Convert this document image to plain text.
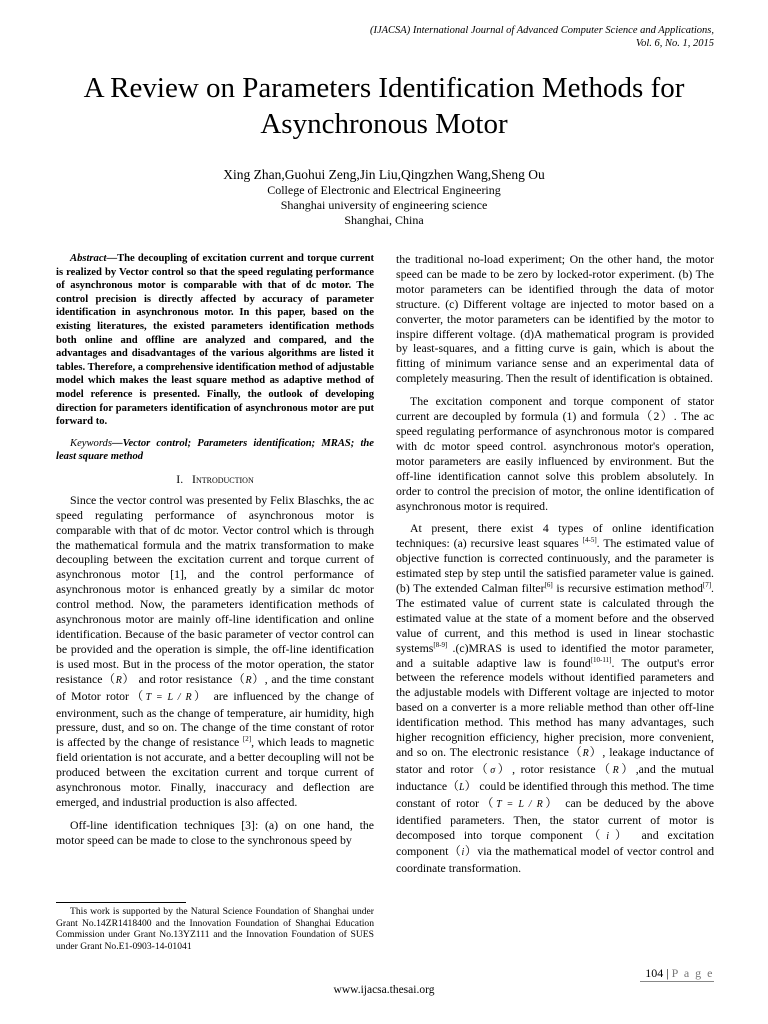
(IJACSA) International Journal of Advanced Computer Science and Applications,
Vol. 6, No. 1, 2015
A Review on Parameters Identification Methods for
Asynchronous Motor
Xing Zhan,Guohui Zeng,Jin Liu,Qingzhen Wang,Sheng Ou
College of Electronic and Electrical Engineering
Shanghai university of engineering science
Shanghai, China

Abstract—The decoupling of excitation current and torque current is realized by Vector control so that the speed regulating performance of asynchronous motor is comparable with that of dc motor. The control precision is directly affected by accuracy of parameter identification in asynchronous motor. In this paper, based on the existing literatures, the existed parameters identification methods both online and offline are analyzed and compared, and the advantages and disadvantages of the various algorithms are listed it tables. Therefore, a comprehensive identification method of adjustable model which makes the least square method as adaptive method of model reference is presented. Finally, the outlook of developing direction for parameters identification of asynchronous motor are put forward to.

Keywords—Vector control; Parameters identification; MRAS; the least square method

I. Introduction

Since the vector control was presented by Felix Blaschks, the ac speed regulating performance of asynchronous motor is comparable with that of dc motor. Vector control which is through the mathematical formula and the matrix transformation to make decoupling between the excitation current and torque current of asynchronous motor [1], and the control performance of asynchronous motor is enhanced greatly by a similar dc motor control method. Now, the parameters identification methods of asynchronous motor are mainly off-line identification and online identification. Because of the basic parameter of vector control can be provided and the operation is simple, the off-line identification is used most. But in the process of the motor operation, the stator resistance（R） and rotor resistance（R）, and the time constant of Motor rotor（T = L / R） are influenced by the change of environment, such as the change of temperature, air humidity, high pressure, dust, and so on. The change of the time constant of rotor is affected by the change of resistance [2], which leads to magnetic field orientation is not accurate, and a better decoupling will not be produced between the excitation current and torque current of asynchronous motor. Finally, inaccuracy and deflection are emerged, and industrial production is also affected.

Off-line identification techniques [3]: (a) on one hand, the motor speed can be made to close to the synchronous speed by

the traditional no-load experiment; On the other hand, the motor speed can be made to be zero by locked-rotor experiment. (b) The motor parameters can be identified through the data of motor structure. (c) Different voltage are injected to motor based on a converter, the motor parameters can be identified by the motor to inspire different voltage. (d)A mathematical program is provided by least-squares, and a fitting curve is gain, which is about the fitting of minimum variance sense and an experimental data of completely measuring. Then the result of identification is obtained.

The excitation component and torque component of stator current are decoupled by formula (1) and formula（2）. The ac speed regulating performance of asynchronous motor is compared with dc motor speed control. asynchronous motor's operation, motor parameters are easily influenced by environment. But the off-line identification cannot solve this problem absolutely. In order to control the precision of motor, the online identification of asynchronous motor is required.

At present, there exist 4 types of online identification techniques: (a) recursive least squares [4-5]. The estimated value of objective function is corrected continuously, and the parameter is estimated step by step until the satisfied parameter value is gained. (b) The extended Calman filter[6] is recursive estimation method[7]. The estimated value of current state is calculated through the estimated value at the state of a moment before and the observed value of current, and this method is used in linear stochastic systems[8-9] .(c)MRAS is used to identified the motor parameter, and a suitable adaptive law is found[10-11]. The output's error between the reference models without identified parameters and the adjustable models with Different voltage are injected to motor based on a converter is a more reliable method than other off-line identification method. This method has many advantages, such higher recognition efficiency, higher precision, more convenient, and so on. The electronic resistance（R）, leakage inductance of stator and rotor（σ）, rotor resistance（R）,and the mutual inductance（L） could be identified through this method. The time constant of rotor（T = L / R） can be deduced by the above identified parameters. Then, the stator current of motor is decomposed into torque component（i） and excitation component（i）via the mathematical model of vector control and coordinate transformation.

This work is supported by the Natural Science Foundation of Shanghai under Grant No.14ZR1418400 and the Innovation Foundation of Shanghai Education Commission under Grant No.13YZ111 and the Innovation Foundation of SUES under Grant No.E1-0903-14-01041
104 | P a g e
www.ijacsa.thesai.org
